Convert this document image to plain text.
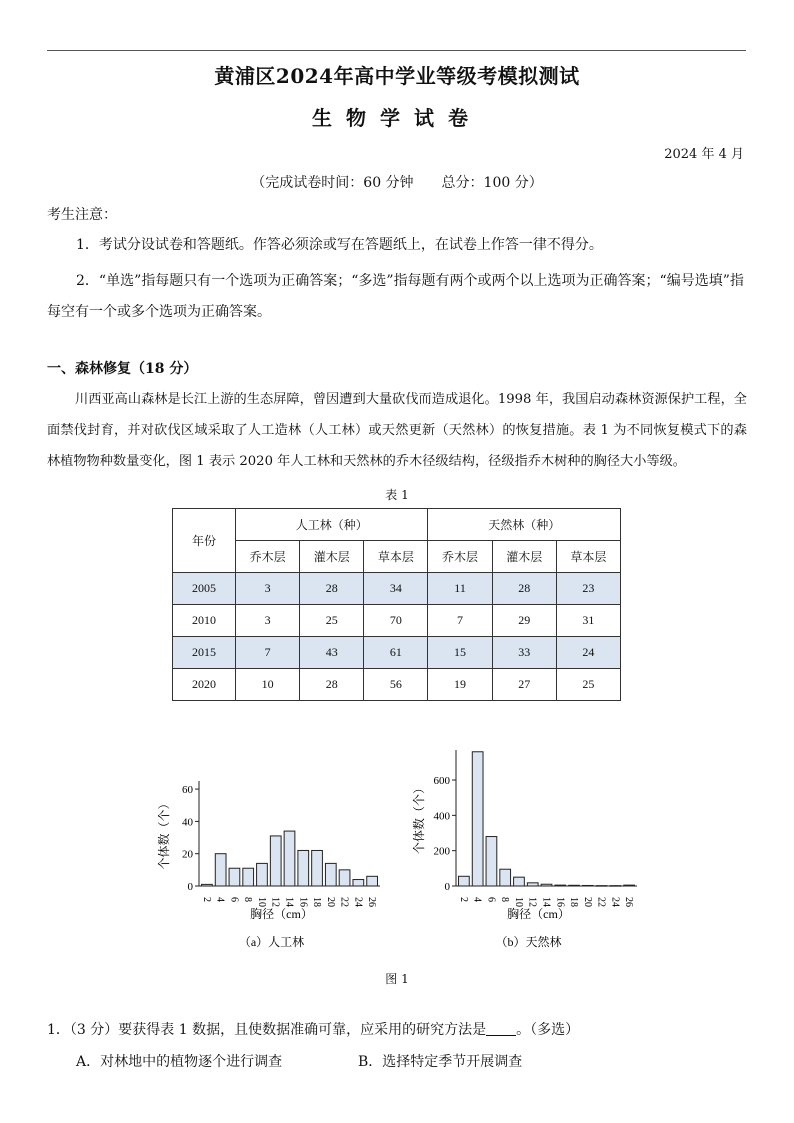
黄浦区2024年高中学业等级考模拟测试
生物学试卷
2024 年 4 月
（完成试卷时间：60 分钟　　总分：100 分）
考生注意：
1．考试分设试卷和答题纸。作答必须涂或写在答题纸上，在试卷上作答一律不得分。
2．“单选”指每题只有一个选项为正确答案；“多选”指每题有两个或两个以上选项为正确答案；“编号选填”指每空有一个或多个选项为正确答案。
一、森林修复（18 分）
川西亚高山森林是长江上游的生态屏障，曾因遭到大量砍伐而造成退化。1998 年，我国启动森林资源保护工程，全面禁伐封育，并对砍伐区域采取了人工造林（人工林）或天然更新（天然林）的恢复措施。表 1 为不同恢复模式下的森林植物物种数量变化，图 1 表示 2020 年人工林和天然林的乔木径级结构，径级指乔木树种的胸径大小等级。
表 1
年份	人工林（种）			天然林（种）		
	乔木层	灌木层	草本层	乔木层	灌木层	草本层
2005	3	28	34	11	28	23
2010	3	25	70	7	29	31
2015	7	43	61	15	33	24
2020	10	28	56	19	27	25
0
20
40
60
2 4 6 8 10 12 14 16 18 20 22 24 26
个体数（个）
胸径（cm）
（a）人工林
0
200
400
600
2 4 6 8 10 12 14 16 18 20 22 24 26
个体数（个）
胸径（cm）
（b）天然林
图 1
1．（3 分）要获得表 1 数据，且使数据准确可靠，应采用的研究方法是 。（多选）
A．对林地中的植物逐个进行调查	B．选择特定季节开展调查
